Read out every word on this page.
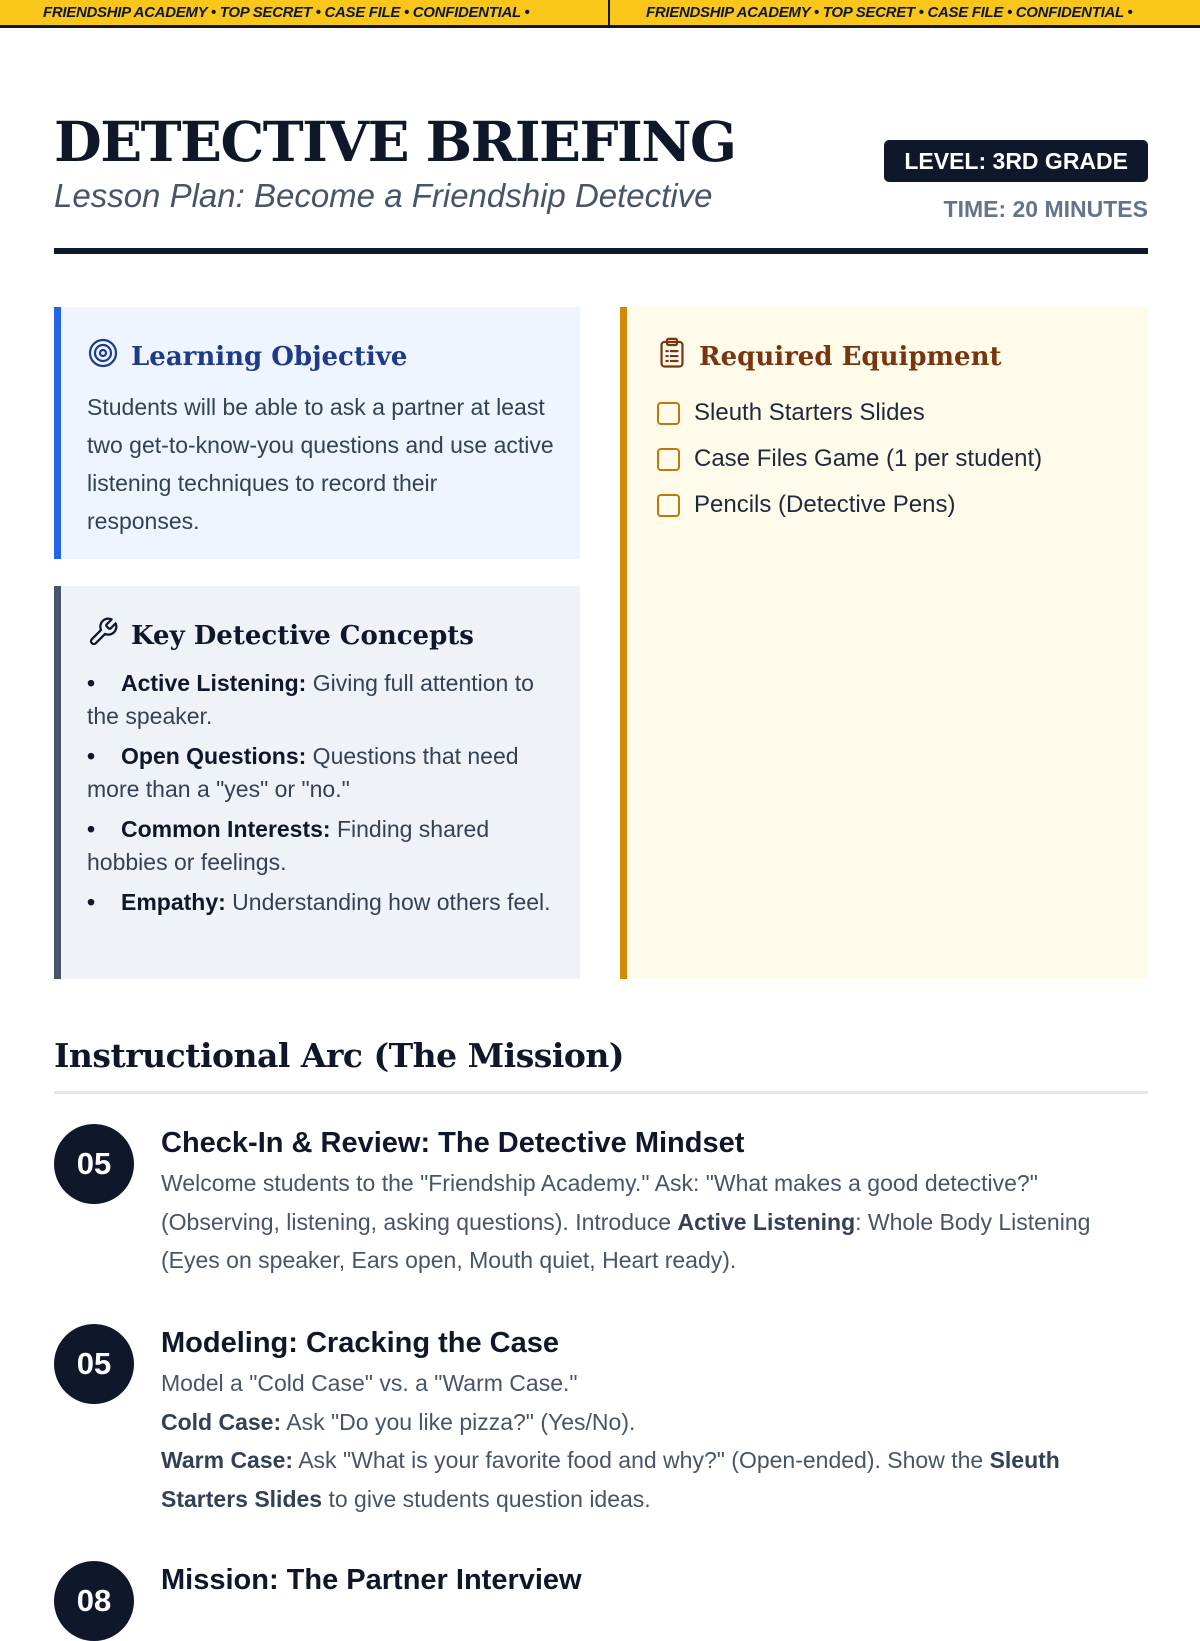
FRIENDSHIP ACADEMY • TOP SECRET • CASE FILE • CONFIDENTIAL •	FRIENDSHIP ACADEMY • TOP SECRET • CASE FILE • CONFIDENTIAL •
DETECTIVE BRIEFING
Lesson Plan: Become a Friendship Detective
LEVEL: 3RD GRADE
TIME: 20 MINUTES
Learning Objective

Students will be able to ask a partner at least two get-to-know-you questions and use active listening techniques to record their responses.

Key Detective Concepts
• Active Listening: Giving full attention to the speaker.
• Open Questions: Questions that need more than a "yes" or "no."
• Common Interests: Finding shared hobbies or feelings.
• Empathy: Understanding how others feel.
Required Equipment
Sleuth Starters Slides
Case Files Game (1 per student)
Pencils (Detective Pens)
Instructional Arc (The Mission)
05
Check-In & Review: The Detective Mindset

Welcome students to the "Friendship Academy." Ask: "What makes a good detective?" (Observing, listening, asking questions). Introduce Active Listening: Whole Body Listening (Eyes on speaker, Ears open, Mouth quiet, Heart ready).

05
Modeling: Cracking the Case
Model a "Cold Case" vs. a "Warm Case."
Cold Case: Ask "Do you like pizza?" (Yes/No).
Warm Case: Ask "What is your favorite food and why?" (Open-ended). Show the Sleuth Starters Slides to give students question ideas.
08
Mission: The Partner Interview
